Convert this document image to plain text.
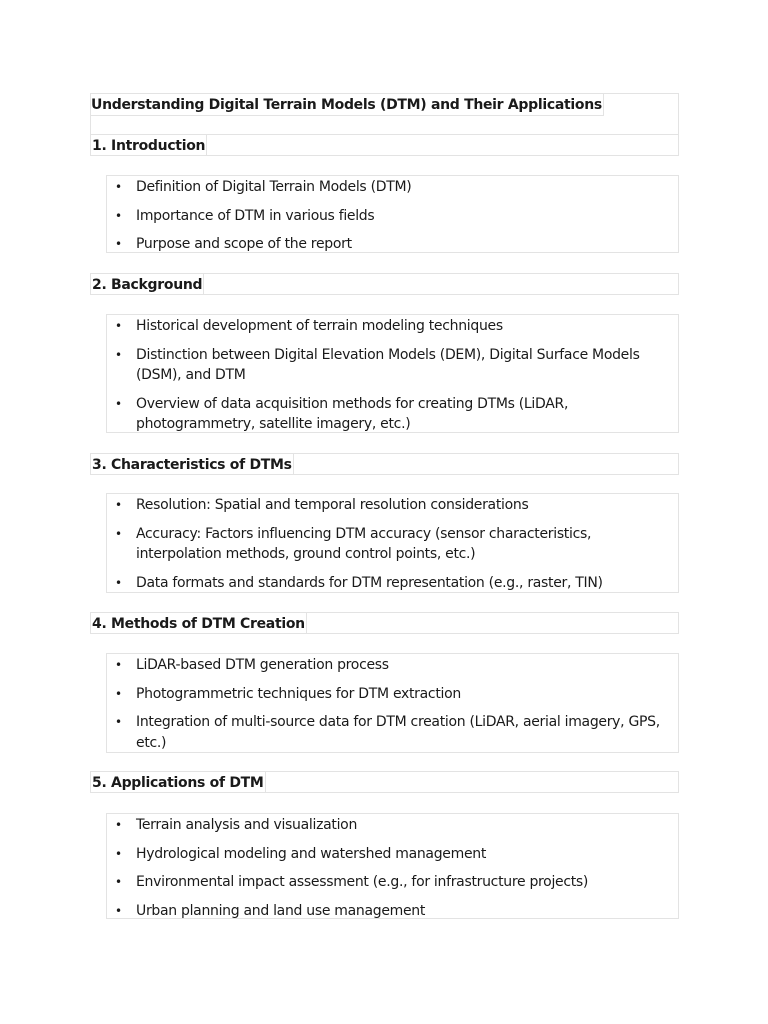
Understanding Digital Terrain Models (DTM) and Their Applications
1. Introduction
• Definition of Digital Terrain Models (DTM)
• Importance of DTM in various fields
• Purpose and scope of the report
2. Background
• Historical development of terrain modeling techniques
• Distinction between Digital Elevation Models (DEM), Digital Surface Models (DSM), and DTM
• Overview of data acquisition methods for creating DTMs (LiDAR, photogrammetry, satellite imagery, etc.)
3. Characteristics of DTMs
• Resolution: Spatial and temporal resolution considerations
• Accuracy: Factors influencing DTM accuracy (sensor characteristics, interpolation methods, ground control points, etc.)
• Data formats and standards for DTM representation (e.g., raster, TIN)
4. Methods of DTM Creation
• LiDAR-based DTM generation process
• Photogrammetric techniques for DTM extraction
• Integration of multi-source data for DTM creation (LiDAR, aerial imagery, GPS, etc.)
5. Applications of DTM
• Terrain analysis and visualization
• Hydrological modeling and watershed management
• Environmental impact assessment (e.g., for infrastructure projects)
• Urban planning and land use management
